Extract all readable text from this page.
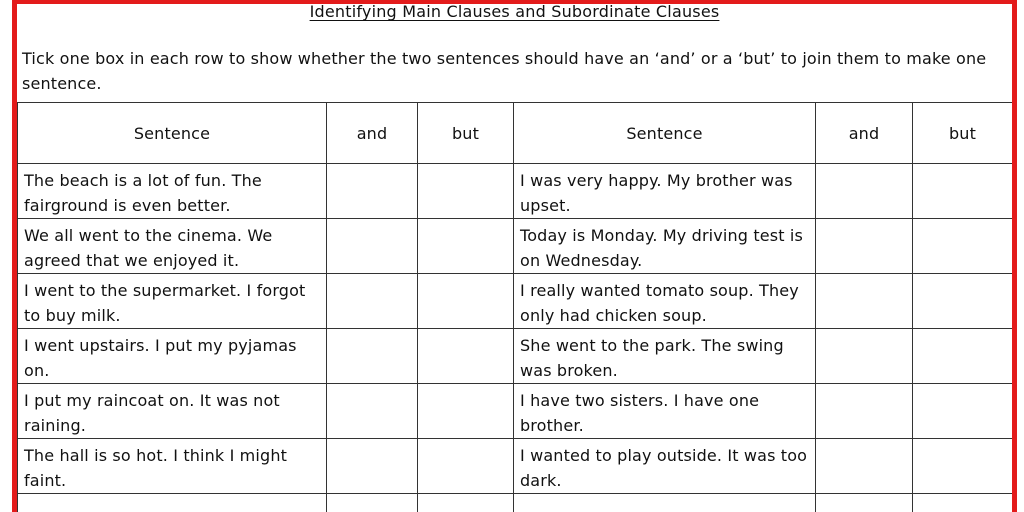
Identifying Main Clauses and Subordinate Clauses
Tick one box in each row to show whether the two sentences should have an ‘and’ or a ‘but’ to join them to make one sentence.
Sentence	and	but	Sentence	and	but
The beach is a lot of fun. The fairground is even better.			I was very happy. My brother was upset.		
We all went to the cinema. We agreed that we enjoyed it.			Today is Monday. My driving test is on Wednesday.		
I went to the supermarket. I forgot to buy milk.			I really wanted tomato soup. They only had chicken soup.		
I went upstairs. I put my pyjamas on.			She went to the park. The swing was broken.		
I put my raincoat on. It was not raining.			I have two sisters. I have one brother.		
The hall is so hot. I think I might faint.			I wanted to play outside. It was too dark.		
